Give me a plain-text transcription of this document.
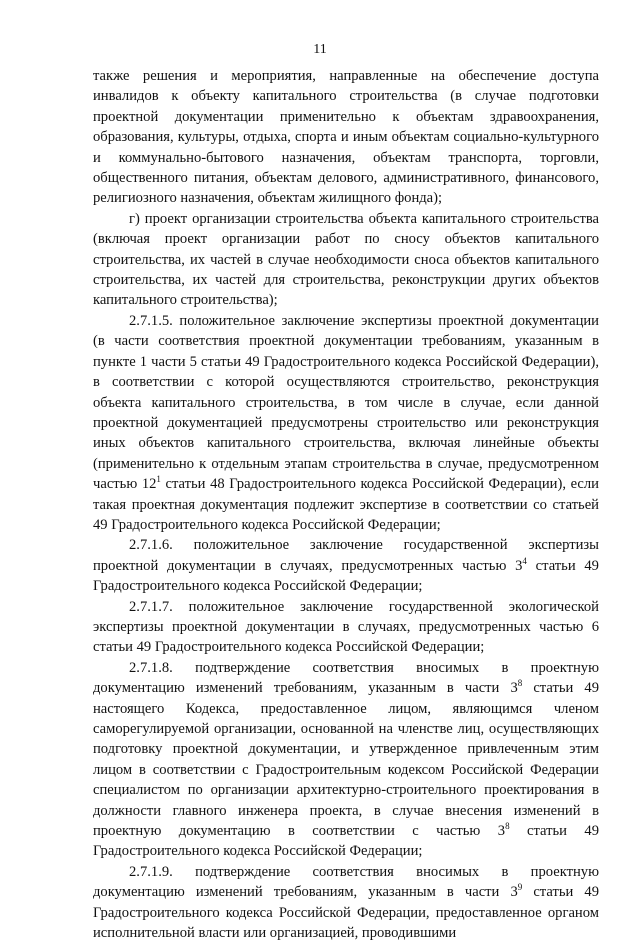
11

также решения и мероприятия, направленные на обеспечение доступа инвалидов к объекту капитального строительства (в случае подготовки проектной документации применительно к объектам здравоохранения, образования, культуры, отдыха, спорта и иным объектам социально-культурного и коммунально-бытового назначения, объектам транспорта, торговли, общественного питания, объектам делового, административного, финансового, религиозного назначения, объектам жилищного фонда);

г) проект организации строительства объекта капитального строительства (включая проект организации работ по сносу объектов капитального строительства, их частей в случае необходимости сноса объектов капитального строительства, их частей для строительства, реконструкции других объектов капитального строительства);

2.7.1.5. положительное заключение экспертизы проектной документации (в части соответствия проектной документации требованиям, указанным в пункте 1 части 5 статьи 49 Градостроительного кодекса Российской Федерации), в соответствии с которой осуществляются строительство, реконструкция объекта капитального строительства, в том числе в случае, если данной проектной документацией предусмотрены строительство или реконструкция иных объектов капитального строительства, включая линейные объекты (применительно к отдельным этапам строительства в случае, предусмотренном частью $12^1$ статьи 48 Градостроительного кодекса Российской Федерации), если такая проектная документация подлежит экспертизе в соответствии со статьей 49 Градостроительного кодекса Российской Федерации;

2.7.1.6. положительное заключение государственной экспертизы проектной документации в случаях, предусмотренных частью $3^4$ статьи 49 Градостроительного кодекса Российской Федерации;

2.7.1.7. положительное заключение государственной экологической экспертизы проектной документации в случаях, предусмотренных частью 6 статьи 49 Градостроительного кодекса Российской Федерации;

2.7.1.8. подтверждение соответствия вносимых в проектную документацию изменений требованиям, указанным в части $3^8$ статьи 49 настоящего Кодекса, предоставленное лицом, являющимся членом саморегулируемой организации, основанной на членстве лиц, осуществляющих подготовку проектной документации, и утвержденное привлеченным этим лицом в соответствии с Градостроительным кодексом Российской Федерации специалистом по организации архитектурно-строительного проектирования в должности главного инженера проекта, в случае внесения изменений в проектную документацию в соответствии с частью $3^8$ статьи 49 Градостроительного кодекса Российской Федерации;

2.7.1.9. подтверждение соответствия вносимых в проектную документацию изменений требованиям, указанным в части $3^9$ статьи 49 Градостроительного кодекса Российской Федерации, предоставленное органом исполнительной власти или организацией, проводившими
